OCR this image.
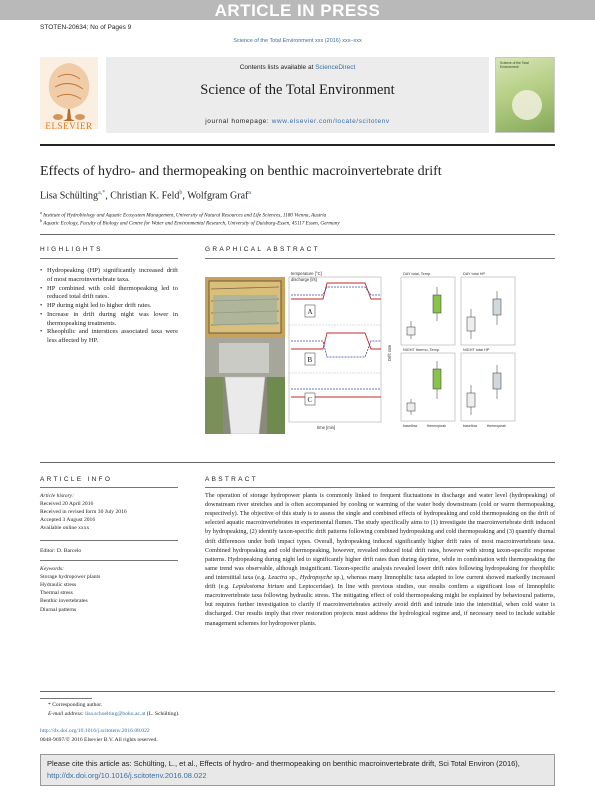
ARTICLE IN PRESS
STOTEN-20634; No of Pages 9
Science of the Total Environment xxx (2016) xxx–xxx
ELSEVIER
Contents lists available at ScienceDirect
Science of the Total Environment
journal homepage: www.elsevier.com/locate/scitotenv
Science of the Total Environment
Effects of hydro- and thermopeaking on benthic macroinvertebrate drift
Lisa Schülting$^{a,*}$, Christian K. Feld$^b$, Wolfgram Graf$^a$
$^a$ Institute of Hydrobiology and Aquatic Ecosystem Management, University of Natural Resources and Life Sciences, 1180 Vienna, Austria
$^b$ Aquatic Ecology, Faculty of Biology and Centre for Water and Environmental Research, University of Duisburg-Essen, 45117 Essen, Germany
HIGHLIGHTS
• Hydropeaking (HP) significantly increased drift of most macroinvertebrate taxa.
• HP combined with cold thermopeaking led to reduced total drift rates.
• HP during night led to higher drift rates.
• Increase in drift during night was lower in thermopeaking treatments.
• Rheophilic and interstices associated taxa were less affected by HP.
GRAPHICAL ABSTRACT
temperature [°C]
discharge [l/s]
A
B
C
time [min]
Drift rate
DAY total, Temp.	DAY total HP
NIGHT thermo, Temp.	NIGHT total HP
baseflow	thermopeak	baseflow	thermopeak
ARTICLE INFO
Article history:
Received 20 April 2016
Received in revised form 30 July 2016
Accepted 3 August 2016
Available online xxxx
Editor: D. Barcelo
Keywords:
Storage hydropower plants
Hydraulic stress
Thermal stress
Benthic invertebrates
Diurnal patterns
ABSTRACT
The operation of storage hydropower plants is commonly linked to frequent fluctuations in discharge and water level (hydropeaking) of downstream river stretches and is often accompanied by cooling or warming of the water body downstream (cold or warm thermopeaking, respectively). The objective of this study is to assess the single and combined effects of hydropeaking and cold thermopeaking on the drift of selected aquatic macroinvertebrates in experimental flumes. The study specifically aims to (1) investigate the macroinvertebrate drift induced by hydropeaking, (2) identify taxon-specific drift patterns following combined hydropeaking and cold thermopeaking and (3) quantify diurnal drift differences under both impact types. Overall, hydropeaking induced significantly higher drift rates of most macroinvertebrate taxa. Combined hydropeaking and cold thermopeaking, however, revealed reduced total drift rates, however with strong taxon-specific response patterns. Hydropeaking during night led to significantly higher drift rates than during daytime, while in combination with thermopeaking the same trend was observable, although insignificant. Taxon-specific analysis revealed lower drift rates following hydropeaking for rheophilic and interstitial taxa (e.g. Leuctra sp., Hydropsyche sp.), whereas many limnophilic taxa adapted to low current showed markedly increased drift (e.g. Lepidostoma hirtum and Leptoceridae). In line with previous studies, our results confirm a significant loss of limnophilic macroinvertebrate taxa following hydraulic stress. The mitigating effect of cold thermopeaking might be explained by behavioural patterns, but requires further investigation to clarify if macroinvertebrates actively avoid drift and intrude into the interstitial, when cold water is discharged. Our results imply that river restoration projects must address the hydrological regime and, if necessary need to include suitable management schemes for hydropower plants.
* Corresponding author.
E-mail address: lisa.schuelting@boku.ac.at (L. Schülting).
http://dx.doi.org/10.1016/j.scitotenv.2016.08.022
0048-9697/© 2016 Elsevier B.V. All rights reserved.
Please cite this article as: Schülting, L., et al., Effects of hydro- and thermopeaking on benthic macroinvertebrate drift, Sci Total Environ (2016),
http://dx.doi.org/10.1016/j.scitotenv.2016.08.022
